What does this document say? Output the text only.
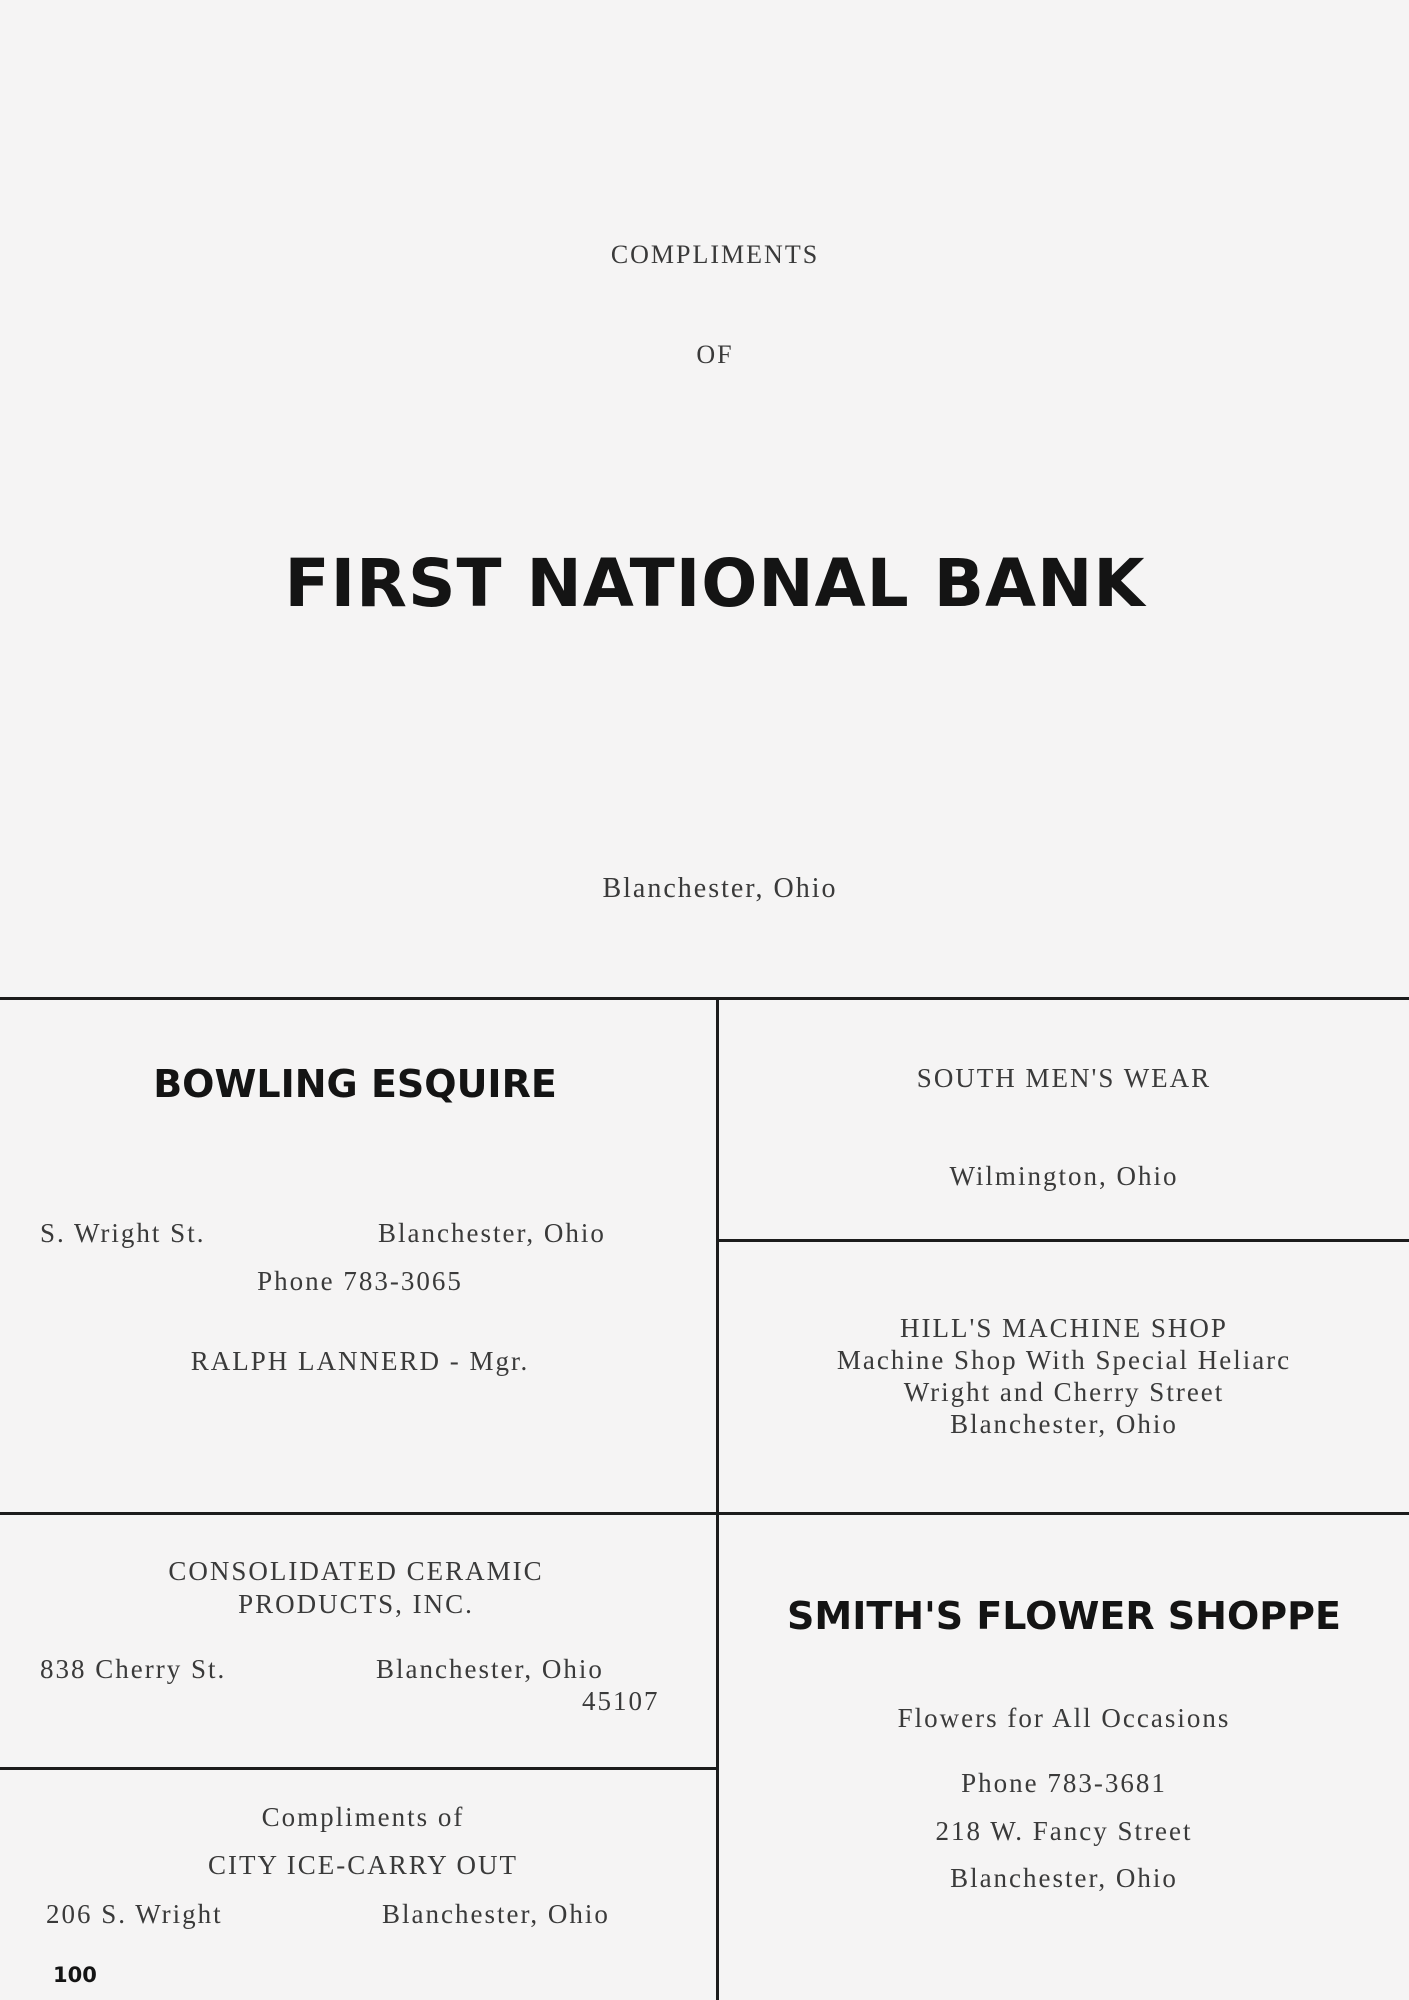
COMPLIMENTS
OF
FIRST NATIONAL BANK
Blanchester, Ohio
BOWLING ESQUIRE
S. Wright St.	Blanchester, Ohio
Phone 783-3065
RALPH LANNERD - Mgr.
SOUTH MEN'S WEAR
Wilmington, Ohio
HILL'S MACHINE SHOP
Machine Shop With Special Heliarc
Wright and Cherry Street
Blanchester, Ohio
CONSOLIDATED CERAMIC
PRODUCTS, INC.
838 Cherry St.	Blanchester, Ohio
45107
SMITH'S FLOWER SHOPPE
Flowers for All Occasions
Phone 783-3681
218 W. Fancy Street
Blanchester, Ohio
Compliments of
CITY ICE-CARRY OUT
206 S. Wright	Blanchester, Ohio
100
